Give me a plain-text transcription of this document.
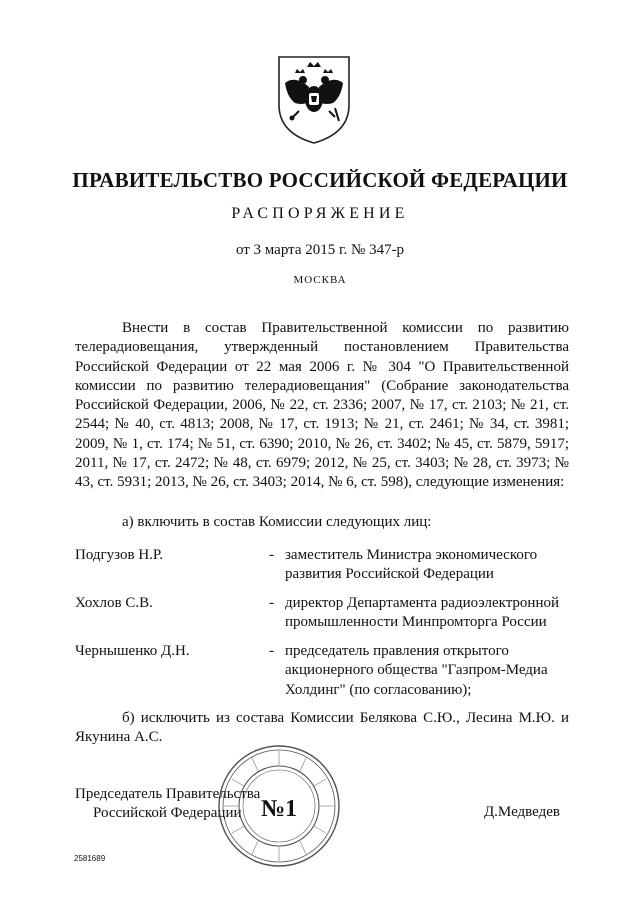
ПРАВИТЕЛЬСТВО РОССИЙСКОЙ ФЕДЕРАЦИИ
РАСПОРЯЖЕНИЕ
от 3 марта 2015 г. № 347-р
МОСКВА
Внести в состав Правительственной комиссии по развитию телерадиовещания, утвержденный постановлением Правительства Российской Федерации от 22 мая 2006 г. № 304 "О Правительственной комиссии по развитию телерадиовещания" (Собрание законодательства Российской Федерации, 2006, № 22, ст. 2336; 2007, № 17, ст. 2103; № 21, ст. 2544; № 40, ст. 4813; 2008, № 17, ст. 1913; № 21, ст. 2461; № 34, ст. 3981; 2009, № 1, ст. 174; № 51, ст. 6390; 2010, № 26, ст. 3402; № 45, ст. 5879, 5917; 2011, № 17, ст. 2472; № 48, ст. 6979; 2012, № 25, ст. 3403; № 28, ст. 3973; № 43, ст. 5931; 2013, № 26, ст. 3403; 2014, № 6, ст. 598), следующие изменения:
а) включить в состав Комиссии следующих лиц:
Подгузов Н.Р.	- заместитель Министра экономического развития Российской Федерации
Хохлов С.В.	- директор Департамента радиоэлектронной промышленности Минпромторга России
Чернышенко Д.Н.	- председатель правления открытого акционерного общества "Газпром-Медиа Холдинг" (по согласованию);
б) исключить из состава Комиссии Белякова С.Ю., Лесина М.Ю. и Якунина А.С.
Председатель Правительства
Российской Федерации	Д.Медведев
№1
2581689
